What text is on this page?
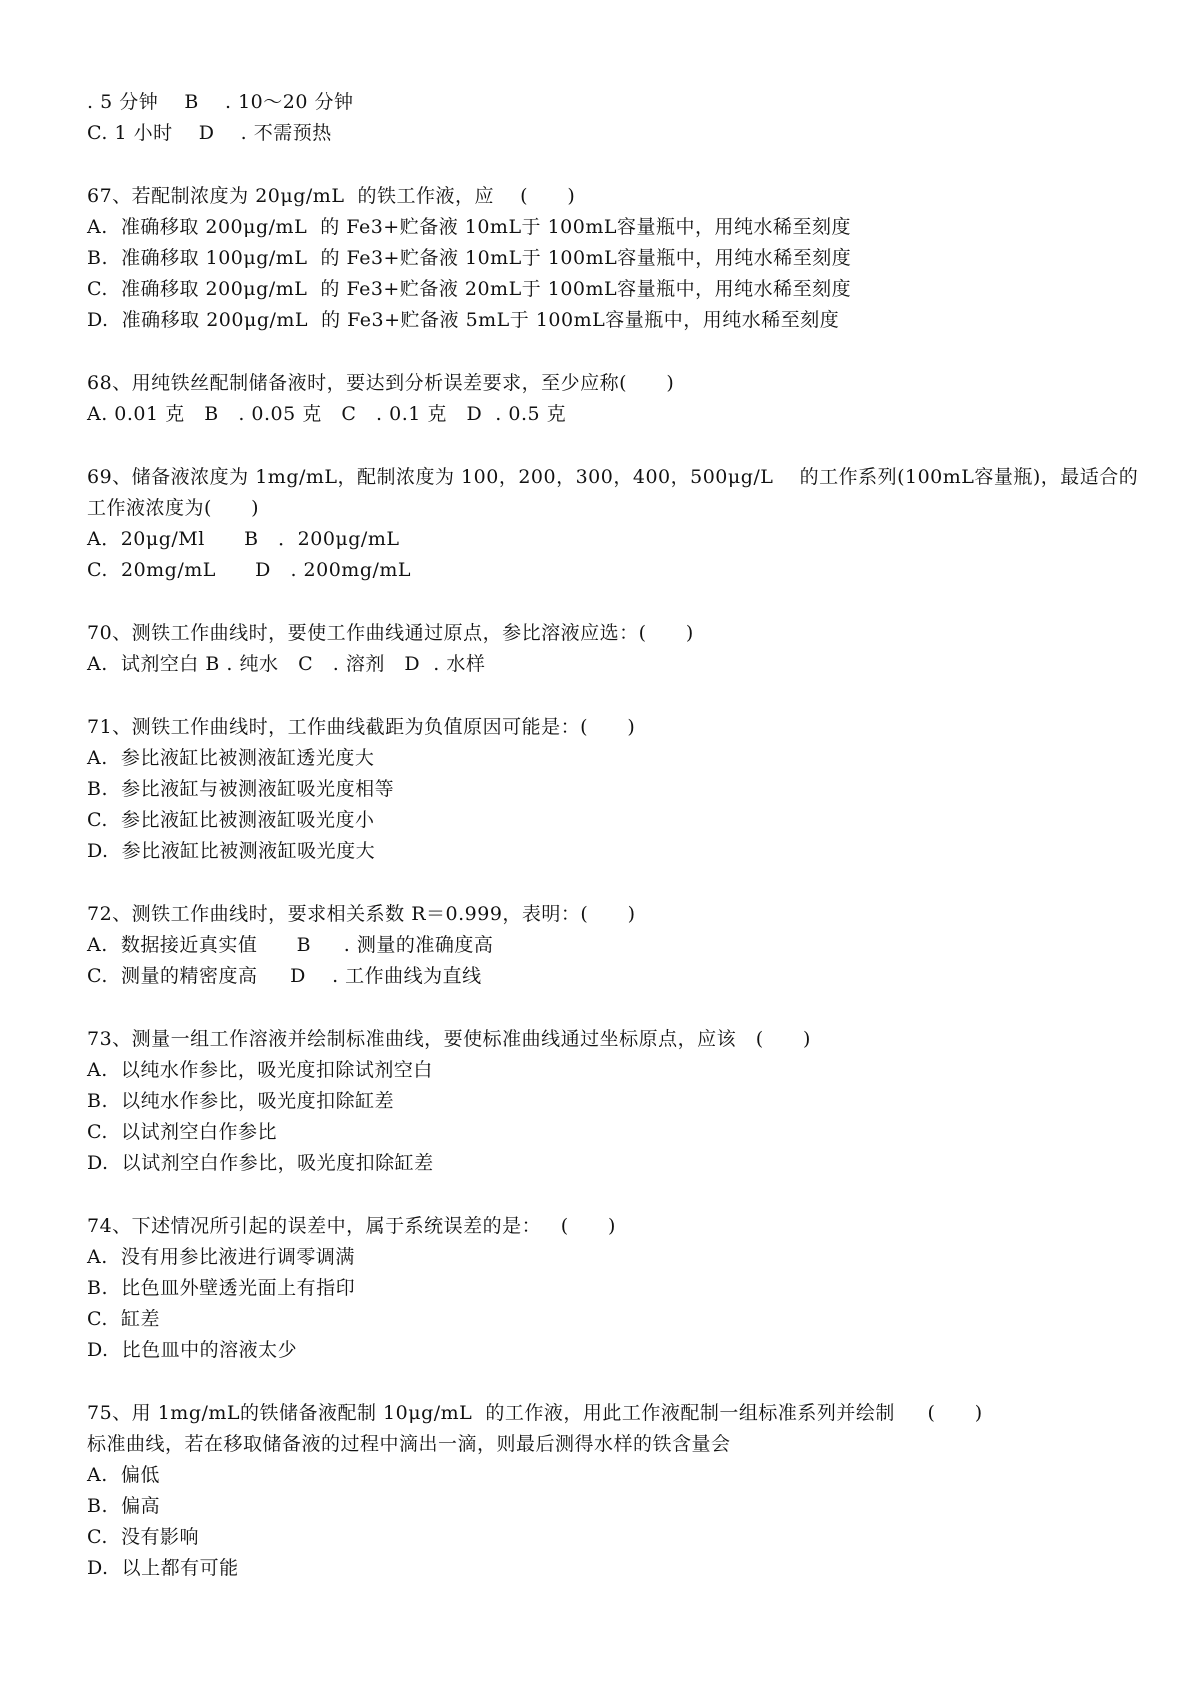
. 5 分钟    B    . 10～20 分钟
C. 1 小时    D    . 不需预热
67、若配制浓度为 20μg/mL  的铁工作液，应    (      )
A.  准确移取 200μg/mL  的 Fe3+贮备液 10mL于 100mL容量瓶中，用纯水稀至刻度
B.  准确移取 100μg/mL  的 Fe3+贮备液 10mL于 100mL容量瓶中，用纯水稀至刻度
C.  准确移取 200μg/mL  的 Fe3+贮备液 20mL于 100mL容量瓶中，用纯水稀至刻度
D.  准确移取 200μg/mL  的 Fe3+贮备液 5mL于 100mL容量瓶中，用纯水稀至刻度
68、用纯铁丝配制储备液时，要达到分析误差要求，至少应称(      )
A. 0.01 克   B   . 0.05 克   C   . 0.1 克   D  . 0.5 克
69、储备液浓度为 1mg/mL，配制浓度为 100，200，300，400，500μg/L    的工作系列(100mL容量瓶)，最适合的
工作液浓度为(      )
A．20μg/Ml      B   ．200μg/mL
C.  20mg/mL      D   . 200mg/mL
70、测铁工作曲线时，要使工作曲线通过原点，参比溶液应选：(      )
A.  试剂空白 B . 纯水   C   . 溶剂   D  . 水样
71、测铁工作曲线时，工作曲线截距为负值原因可能是：(      )
A.  参比液缸比被测液缸透光度大
B.  参比液缸与被测液缸吸光度相等
C.  参比液缸比被测液缸吸光度小
D.  参比液缸比被测液缸吸光度大
72、测铁工作曲线时，要求相关系数 R＝0.999，表明：(      )
A.  数据接近真实值      B     . 测量的准确度高
C.  测量的精密度高     D    . 工作曲线为直线
73、测量一组工作溶液并绘制标准曲线，要使标准曲线通过坐标原点，应该   (      )
A.  以纯水作参比，吸光度扣除试剂空白
B.  以纯水作参比，吸光度扣除缸差
C.  以试剂空白作参比
D.  以试剂空白作参比，吸光度扣除缸差
74、下述情况所引起的误差中，属于系统误差的是：   (      )
A.  没有用参比液进行调零调满
B.  比色皿外壁透光面上有指印
C.  缸差
D.  比色皿中的溶液太少
75、用 1mg/mL的铁储备液配制 10μg/mL  的工作液，用此工作液配制一组标准系列并绘制     (      )
标准曲线，若在移取储备液的过程中滴出一滴，则最后测得水样的铁含量会
A.  偏低
B.  偏高
C.  没有影响
D.  以上都有可能
